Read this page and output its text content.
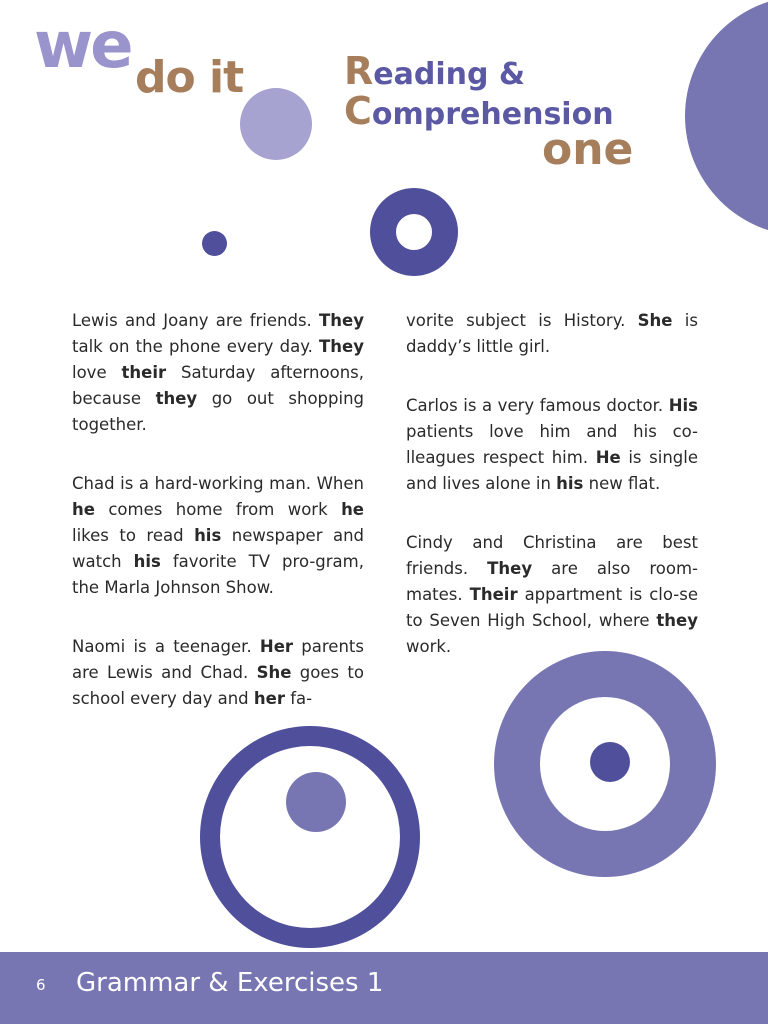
we do it	Reading &
Comprehension
one

Lewis and Joany are friends. They talk on the phone every day. They love their Saturday afternoons, because they go out shopping together.

Chad is a hard-working man. When he comes home from work he likes to read his newspaper and watch his favorite TV pro-gram, the Marla Johnson Show.

Naomi is a teenager. Her parents are Lewis and Chad. She goes to school every day and her fa-

vorite subject is History. She is daddy’s little girl.

Carlos is a very famous doctor. His patients love him and his co-lleagues respect him. He is single and lives alone in his new flat.

Cindy and Christina are best friends. They are also room-mates. Their appartment is clo-se to Seven High School, where they work.

6 Grammar & Exercises 1
